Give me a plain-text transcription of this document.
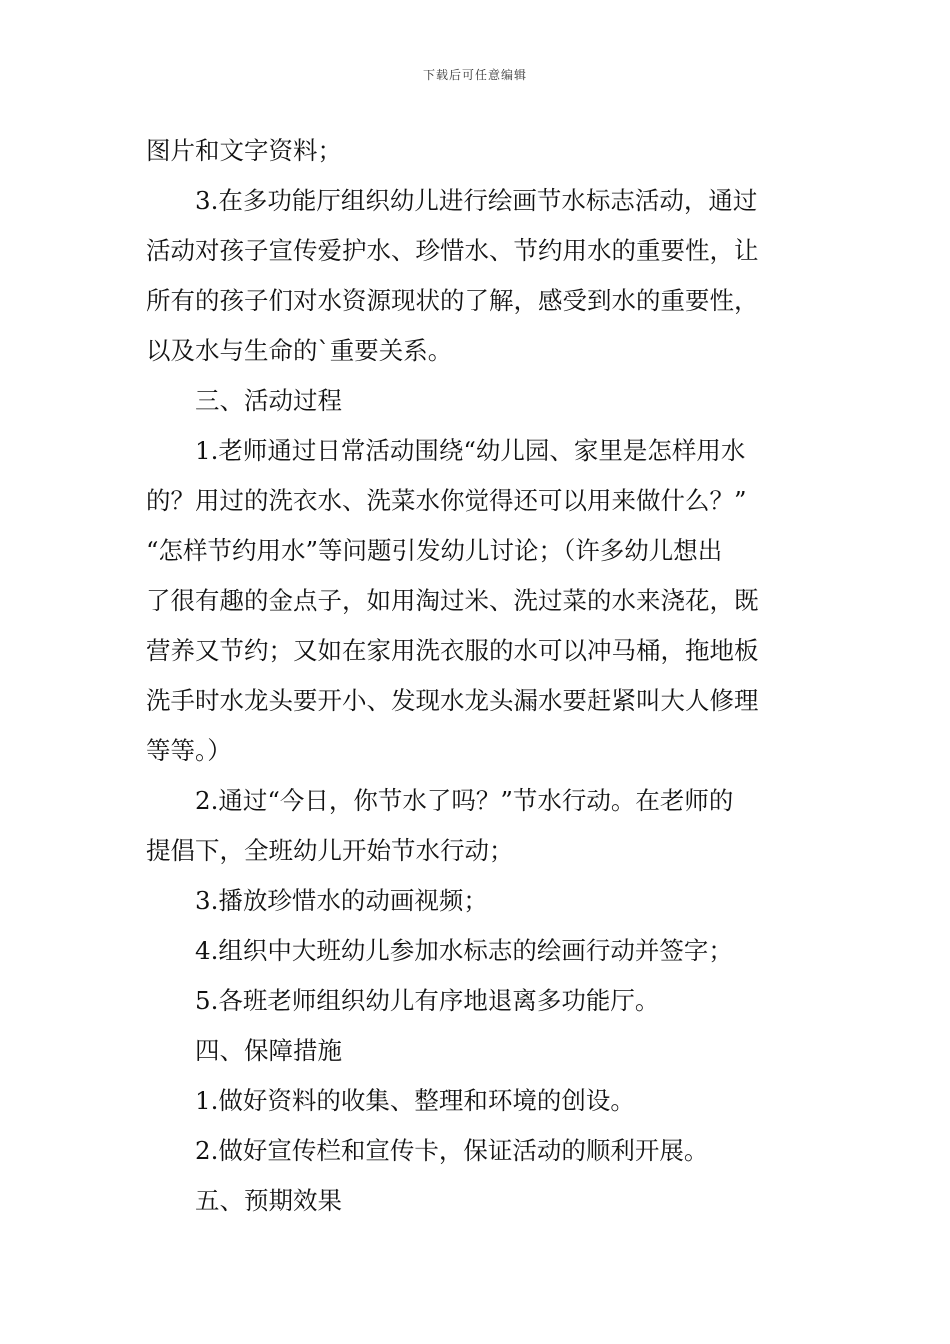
下载后可任意编辑
图片和文字资料；
3.在多功能厅组织幼儿进行绘画节水标志活动，通过
活动对孩子宣传爱护水、珍惜水、节约用水的重要性，让
所有的孩子们对水资源现状的了解，感受到水的重要性，
以及水与生命的`重要关系。
三、活动过程
1.老师通过日常活动围绕“幼儿园、家里是怎样用水
的？用过的洗衣水、洗菜水你觉得还可以用来做什么？”
“怎样节约用水”等问题引发幼儿讨论；（许多幼儿想出
了很有趣的金点子，如用淘过米、洗过菜的水来浇花，既
营养又节约；又如在家用洗衣服的水可以冲马桶，拖地板
洗手时水龙头要开小、发现水龙头漏水要赶紧叫大人修理
等等。）
2.通过“今日，你节水了吗？”节水行动。在老师的
提倡下，全班幼儿开始节水行动；
3.播放珍惜水的动画视频；
4.组织中大班幼儿参加水标志的绘画行动并签字；
5.各班老师组织幼儿有序地退离多功能厅。
四、保障措施
1.做好资料的收集、整理和环境的创设。
2.做好宣传栏和宣传卡，保证活动的顺利开展。
五、预期效果
